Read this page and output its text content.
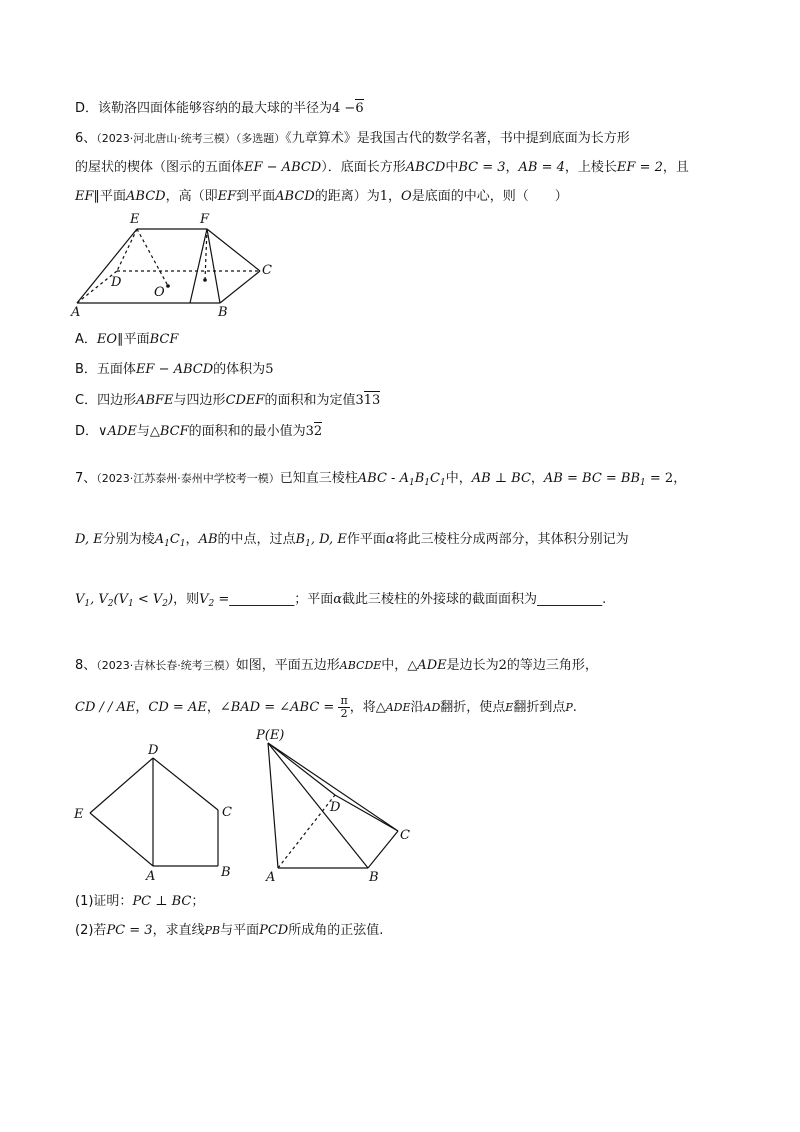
D．该勒洛四面体能够容纳的最大球的半径为4 −6
6、（2023·河北唐山·统考三模）（多选题）《九章算术》是我国古代的数学名著，书中提到底面为长方形
的屋状的楔体（图示的五面体EF − ABCD）．底面长方形ABCD中BC = 3，AB = 4，上棱长EF = 2，且
EF∥平面ABCD，高（即EF到平面ABCD的距离）为1，O是底面的中心，则（　　）
E	F
D
O
C
A	B
A．EO∥平面BCF
B．五面体EF − ABCD的体积为5
C．四边形ABFE与四边形CDEF的面积和为定值313
D．∨ADE与△BCF的面积和的最小值为32
7、（2023·江苏泰州·泰州中学校考一模）已知直三棱柱ABC - $A_1B_1C_1$中，AB ⊥ BC，AB = BC = $BB_1 = 2$，
D, E分别为棱$A_1C_1$，AB的中点，过点$B_1$, D, E作平面α将此三棱柱分成两部分，其体积分别记为
$V_1$, $V_2(V_1 < V_2)$，则$V_2$ =__________；平面α截此三棱柱的外接球的截面面积为__________.
8、（2023·吉林长春·统考三模）如图，平面五边形ABCDE中，△ADE是边长为2的等边三角形，
CD / / AE，CD = AE，∠BAD = ∠ABC = $\frac{\pi}{2}$ ，将△ADE沿AD翻折，使点E翻折到点P.
D
E	C
A	B
P(E)
D
C
A	B
(1)证明：PC ⊥ BC；
(2)若PC = 3，求直线PB与平面PCD所成角的正弦值.
